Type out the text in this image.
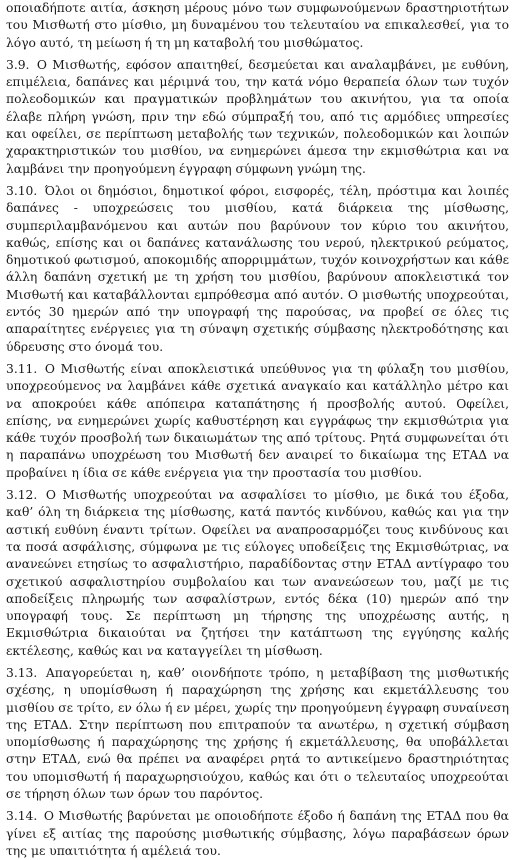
οποιαδήποτε αιτία, άσκηση μέρους μόνο των συμφωνούμενων δραστηριοτήτων του Μισθωτή στο μίσθιο, μη δυναμένου του τελευταίου να επικαλεσθεί, για το λόγο αυτό, τη μείωση ή τη μη καταβολή του μισθώματος.

3.9. Ο Μισθωτής, εφόσον απαιτηθεί, δεσμεύεται και αναλαμβάνει, με ευθύνη, επιμέλεια, δαπάνες και μέριμνά του, την κατά νόμο θεραπεία όλων των τυχόν πολεοδομικών και πραγματικών προβλημάτων του ακινήτου, για τα οποία έλαβε πλήρη γνώση, πριν την εδώ σύμπραξή του, από τις αρμόδιες υπηρεσίες και οφείλει, σε περίπτωση μεταβολής των τεχνικών, πολεοδομικών και λοιπών χαρακτηριστικών του μισθίου, να ενημερώνει άμεσα την εκμισθώτρια και να λαμβάνει την προηγούμενη έγγραφη σύμφωνη γνώμη της.

3.10. Όλοι οι δημόσιοι, δημοτικοί φόροι, εισφορές, τέλη, πρόστιμα και λοιπές δαπάνες - υποχρεώσεις του μισθίου, κατά διάρκεια της μίσθωσης, συμπεριλαμβανόμενου και αυτών που βαρύνουν τον κύριο του ακινήτου, καθώς, επίσης και οι δαπάνες κατανάλωσης του νερού, ηλεκτρικού ρεύματος, δημοτικού φωτισμού, αποκομιδής απορριμμάτων, τυχόν κοινοχρήστων και κάθε άλλη δαπάνη σχετική με τη χρήση του μισθίου, βαρύνουν αποκλειστικά τον Μισθωτή και καταβάλλονται εμπρόθεσμα από αυτόν. Ο μισθωτής υποχρεούται, εντός 30 ημερών από την υπογραφή της παρούσας, να προβεί σε όλες τις απαραίτητες ενέργειες για τη σύναψη σχετικής σύμβασης ηλεκτροδότησης και ύδρευσης στο όνομά του.

3.11. Ο Μισθωτής είναι αποκλειστικά υπεύθυνος για τη φύλαξη του μισθίου, υποχρεούμενος να λαμβάνει κάθε σχετικά αναγκαίο και κατάλληλο μέτρο και να αποκρούει κάθε απόπειρα καταπάτησης ή προσβολής αυτού. Οφείλει, επίσης, να ενημερώνει χωρίς καθυστέρηση και εγγράφως την εκμισθώτρια για κάθε τυχόν προσβολή των δικαιωμάτων της από τρίτους. Ρητά συμφωνείται ότι η παραπάνω υποχρέωση του Μισθωτή δεν αναιρεί το δικαίωμα της ΕΤΑΔ να προβαίνει η ίδια σε κάθε ενέργεια για την προστασία του μισθίου.

3.12. Ο Μισθωτής υποχρεούται να ασφαλίσει το μίσθιο, με δικά του έξοδα, καθ’ όλη τη διάρκεια της μίσθωσης, κατά παντός κινδύνου, καθώς και για την αστική ευθύνη έναντι τρίτων. Οφείλει να αναπροσαρμόζει τους κινδύνους και τα ποσά ασφάλισης, σύμφωνα με τις εύλογες υποδείξεις της Εκμισθώτριας, να ανανεώνει ετησίως το ασφαλιστήριο, παραδίδοντας στην ΕΤΑΔ αντίγραφο του σχετικού ασφαλιστηρίου συμβολαίου και των ανανεώσεων του, μαζί με τις αποδείξεις πληρωμής των ασφαλίστρων, εντός δέκα (10) ημερών από την υπογραφή τους. Σε περίπτωση μη τήρησης της υποχρέωσης αυτής, η Εκμισθώτρια δικαιούται να ζητήσει την κατάπτωση της εγγύησης καλής εκτέλεσης, καθώς και να καταγγείλει τη μίσθωση.

3.13. Απαγορεύεται η, καθ’ οιονδήποτε τρόπο, η μεταβίβαση της μισθωτικής σχέσης, η υπομίσθωση ή παραχώρηση της χρήσης και εκμετάλλευσης του μισθίου σε τρίτο, εν όλω ή εν μέρει, χωρίς την προηγούμενη έγγραφη συναίνεση της ΕΤΑΔ. Στην περίπτωση που επιτραπούν τα ανωτέρω, η σχετική σύμβαση υπομίσθωσης ή παραχώρησης της χρήσης ή εκμετάλλευσης, θα υποβάλλεται στην ΕΤΑΔ, ενώ θα πρέπει να αναφέρει ρητά το αντικείμενο δραστηριότητας του υπομισθωτή ή παραχωρησιούχου, καθώς και ότι ο τελευταίος υποχρεούται σε τήρηση όλων των όρων του παρόντος.

3.14. Ο Μισθωτής βαρύνεται με οποιοδήποτε έξοδο ή δαπάνη της ΕΤΑΔ που θα γίνει εξ αιτίας της παρούσης μισθωτικής σύμβασης, λόγω παραβάσεων όρων της με υπαιτιότητα ή αμέλειά του.
